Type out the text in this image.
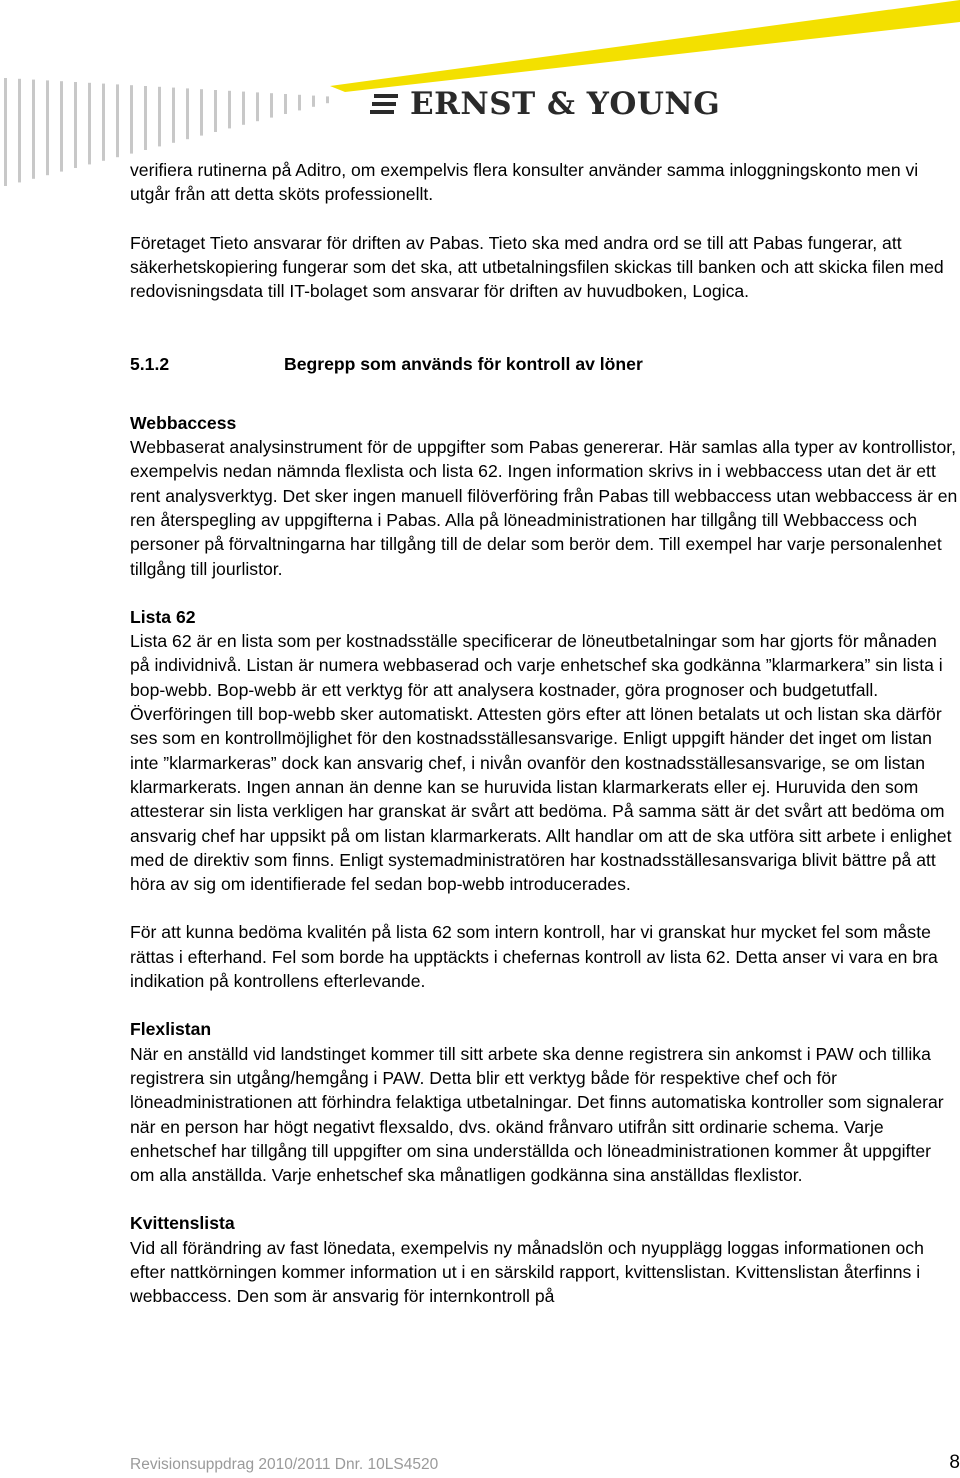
ERNST & YOUNG

verifiera rutinerna på Aditro, om exempelvis flera konsulter använder samma inloggningskonto men vi utgår från att detta sköts professionellt.

Företaget Tieto ansvarar för driften av Pabas. Tieto ska med andra ord se till att Pabas fungerar, att säkerhetskopiering fungerar som det ska, att utbetalningsfilen skickas till banken och att skicka filen med redovisningsdata till IT-bolaget som ansvarar för driften av huvudboken, Logica.

5.1.2	Begrepp som används för kontroll av löner

Webbaccess

Webbaserat analysinstrument för de uppgifter som Pabas genererar. Här samlas alla typer av kontrollistor, exempelvis nedan nämnda flexlista och lista 62. Ingen information skrivs in i webbaccess utan det är ett rent analysverktyg. Det sker ingen manuell filöverföring från Pabas till webbaccess utan webbaccess är en ren återspegling av uppgifterna i Pabas. Alla på löneadministrationen har tillgång till Webbaccess och personer på förvaltningarna har tillgång till de delar som berör dem. Till exempel har varje personalenhet tillgång till jourlistor.

Lista 62

Lista 62 är en lista som per kostnadsställe specificerar de löneutbetalningar som har gjorts för månaden på individnivå. Listan är numera webbaserad och varje enhetschef ska godkänna ”klarmarkera” sin lista i bop-webb. Bop-webb är ett verktyg för att analysera kostnader, göra prognoser och budgetutfall. Överföringen till bop-webb sker automatiskt. Attesten görs efter att lönen betalats ut och listan ska därför ses som en kontrollmöjlighet för den kostnadsställesansvarige. Enligt uppgift händer det inget om listan inte ”klarmarkeras” dock kan ansvarig chef, i nivån ovanför den kostnadsställesansvarige, se om listan klarmarkerats. Ingen annan än denne kan se huruvida listan klarmarkerats eller ej. Huruvida den som attesterar sin lista verkligen har granskat är svårt att bedöma. På samma sätt är det svårt att bedöma om ansvarig chef har uppsikt på om listan klarmarkerats. Allt handlar om att de ska utföra sitt arbete i enlighet med de direktiv som finns. Enligt systemadministratören har kostnadsställesansvariga blivit bättre på att höra av sig om identifierade fel sedan bop-webb introducerades.

För att kunna bedöma kvalitén på lista 62 som intern kontroll, har vi granskat hur mycket fel som måste rättas i efterhand. Fel som borde ha upptäckts i chefernas kontroll av lista 62. Detta anser vi vara en bra indikation på kontrollens efterlevande.

Flexlistan

När en anställd vid landstinget kommer till sitt arbete ska denne registrera sin ankomst i PAW och tillika registrera sin utgång/hemgång i PAW. Detta blir ett verktyg både för respektive chef och för löneadministrationen att förhindra felaktiga utbetalningar. Det finns automatiska kontroller som signalerar när en person har högt negativt flexsaldo, dvs. okänd frånvaro utifrån sitt ordinarie schema. Varje enhetschef har tillgång till uppgifter om sina underställda och löneadministrationen kommer åt uppgifter om alla anställda. Varje enhetschef ska månatligen godkänna sina anställdas flexlistor.

Kvittenslista

Vid all förändring av fast lönedata, exempelvis ny månadslön och nyupplägg loggas informationen och efter nattkörningen kommer information ut i en särskild rapport, kvittenslistan. Kvittenslistan återfinns i webbaccess. Den som är ansvarig för internkontroll på

Revisionsuppdrag 2010/2011 Dnr. 10LS4520	8
